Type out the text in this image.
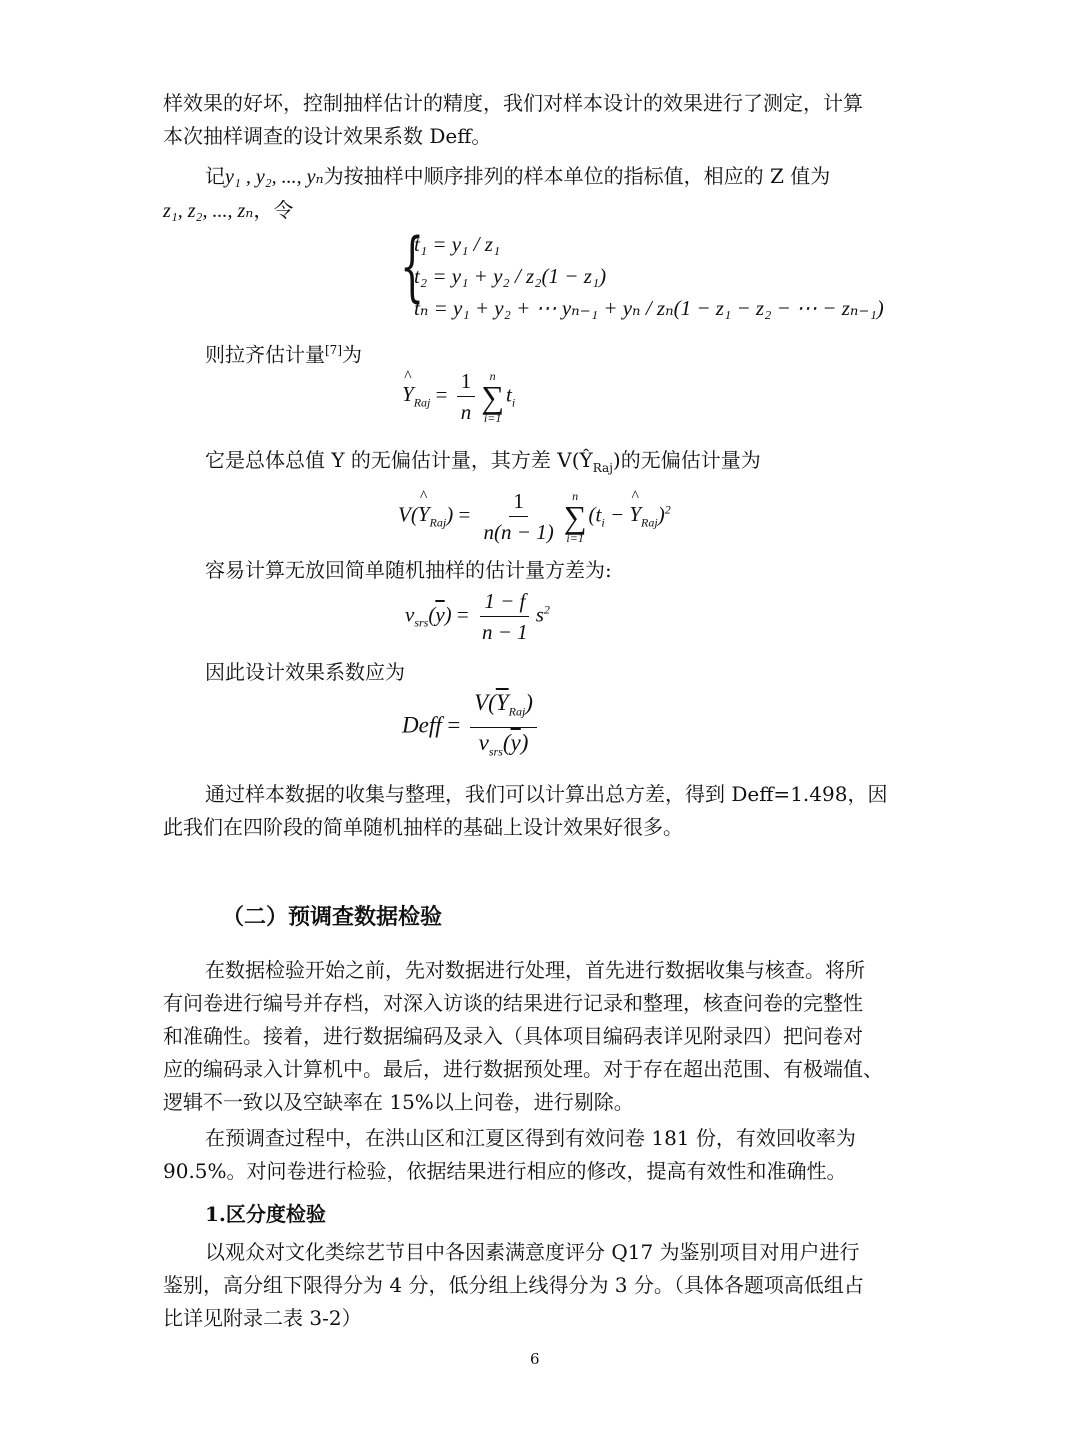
样效果的好坏，控制抽样估计的精度，我们对样本设计的效果进行了测定，计算
本次抽样调查的设计效果系数 Deff。
记y₁ , y₂, ..., yₙ为按抽样中顺序排列的样本单位的指标值，相应的 Z 值为
z₁, z₂, ..., zₙ，令
{
t₁ = y₁ / z₁
t₂ = y₁ + y₂ / z₂(1 − z₁)
tₙ = y₁ + y₂ + ⋯ yₙ₋₁ + yₙ / zₙ(1 − z₁ − z₂ − ⋯ − zₙ₋₁)
则拉齐估计量[7]为
^ $Y_{Raj} = \frac{1}{n}$ n
∑
i=1
$t_i$
它是总体总值 Y 的无偏估计量，其方差 $V(Ŷ_{Raj})$的无偏估计量为
V(^ $Y_{Raj}) = \frac{1}{n(n - 1)}$ n
∑
i=1
($t_i$ − ^ $Y_{Raj})^2$
容易计算无放回简单随机抽样的估计量方差为:
$v_{srs}(\overline{y}) = \frac{1 - f}{n - 1} s^2$
因此设计效果系数应为
Deff = $\frac{V(\overline{Y}_{Raj})}{v_{srs}(\overline{y})}$
通过样本数据的收集与整理，我们可以计算出总方差，得到 Deff=1.498，因
此我们在四阶段的简单随机抽样的基础上设计效果好很多。
（二）预调查数据检验
在数据检验开始之前，先对数据进行处理，首先进行数据收集与核查。将所
有问卷进行编号并存档，对深入访谈的结果进行记录和整理，核查问卷的完整性
和准确性。接着，进行数据编码及录入（具体项目编码表详见附录四）把问卷对
应的编码录入计算机中。最后，进行数据预处理。对于存在超出范围、有极端值、
逻辑不一致以及空缺率在 15%以上问卷，进行剔除。
在预调查过程中，在洪山区和江夏区得到有效问卷 181 份，有效回收率为
90.5%。对问卷进行检验，依据结果进行相应的修改，提高有效性和准确性。
1.区分度检验
以观众对文化类综艺节目中各因素满意度评分 Q17 为鉴别项目对用户进行
鉴别，高分组下限得分为 4 分，低分组上线得分为 3 分。（具体各题项高低组占
比详见附录二表 3-2）
6
